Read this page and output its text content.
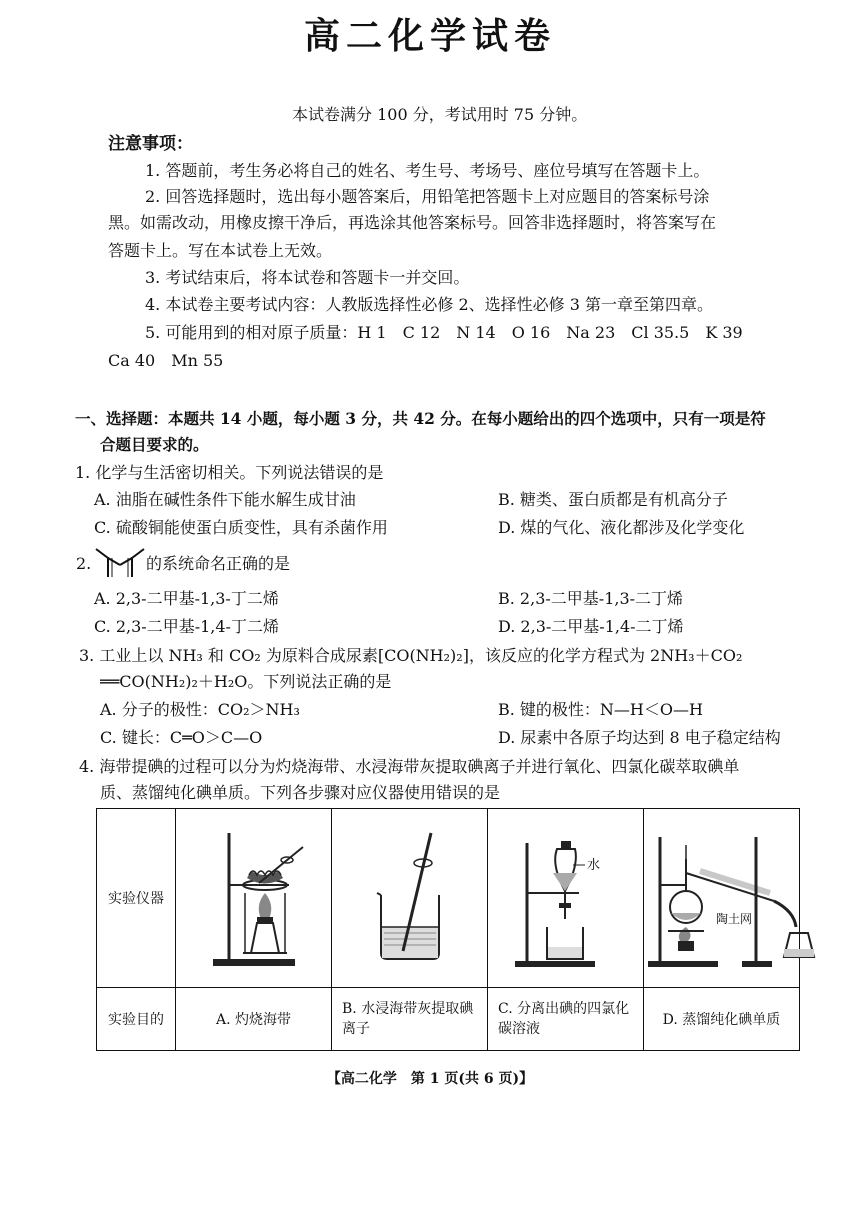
高二化学试卷
本试卷满分 100 分，考试用时 75 分钟。
注意事项：
1. 答题前，考生务必将自己的姓名、考生号、考场号、座位号填写在答题卡上。
2. 回答选择题时，选出每小题答案后，用铅笔把答题卡上对应题目的答案标号涂
黑。如需改动，用橡皮擦干净后，再选涂其他答案标号。回答非选择题时，将答案写在
答题卡上。写在本试卷上无效。
3. 考试结束后，将本试卷和答题卡一并交回。
4. 本试卷主要考试内容：人教版选择性必修 2、选择性必修 3 第一章至第四章。
5. 可能用到的相对原子质量：H 1　C 12　N 14　O 16　Na 23　Cl 35.5　K 39
Ca 40　Mn 55
一、选择题：本题共 14 小题，每小题 3 分，共 42 分。在每小题给出的四个选项中，只有一项是符
合题目要求的。
1. 化学与生活密切相关。下列说法错误的是
A. 油脂在碱性条件下能水解生成甘油	B. 糖类、蛋白质都是有机高分子
C. 硫酸铜能使蛋白质变性，具有杀菌作用	D. 煤的气化、液化都涉及化学变化
2.	的系统命名正确的是
A. 2,3-二甲基-1,3-丁二烯	B. 2,3-二甲基-1,3-二丁烯
C. 2,3-二甲基-1,4-丁二烯	D. 2,3-二甲基-1,4-二丁烯
3. 工业上以 NH₃ 和 CO₂ 为原料合成尿素[CO(NH₂)₂]，该反应的化学方程式为 2NH₃＋CO₂
══CO(NH₂)₂＋H₂O。下列说法正确的是
A. 分子的极性：CO₂＞NH₃	B. 键的极性：N—H＜O—H
C. 键长：C═O＞C—O	D. 尿素中各原子均达到 8 电子稳定结构
4. 海带提碘的过程可以分为灼烧海带、水浸海带灰提取碘离子并进行氧化、四氯化碳萃取碘单
质、蒸馏纯化碘单质。下列各步骤对应仪器使用错误的是
实验仪器			水	陶土网

实验目的	A. 灼烧海带	B. 水浸海带灰提取碘离子	C. 分离出碘的四氯化碳溶液	D. 蒸馏纯化碘单质
【高二化学　第 1 页(共 6 页)】
